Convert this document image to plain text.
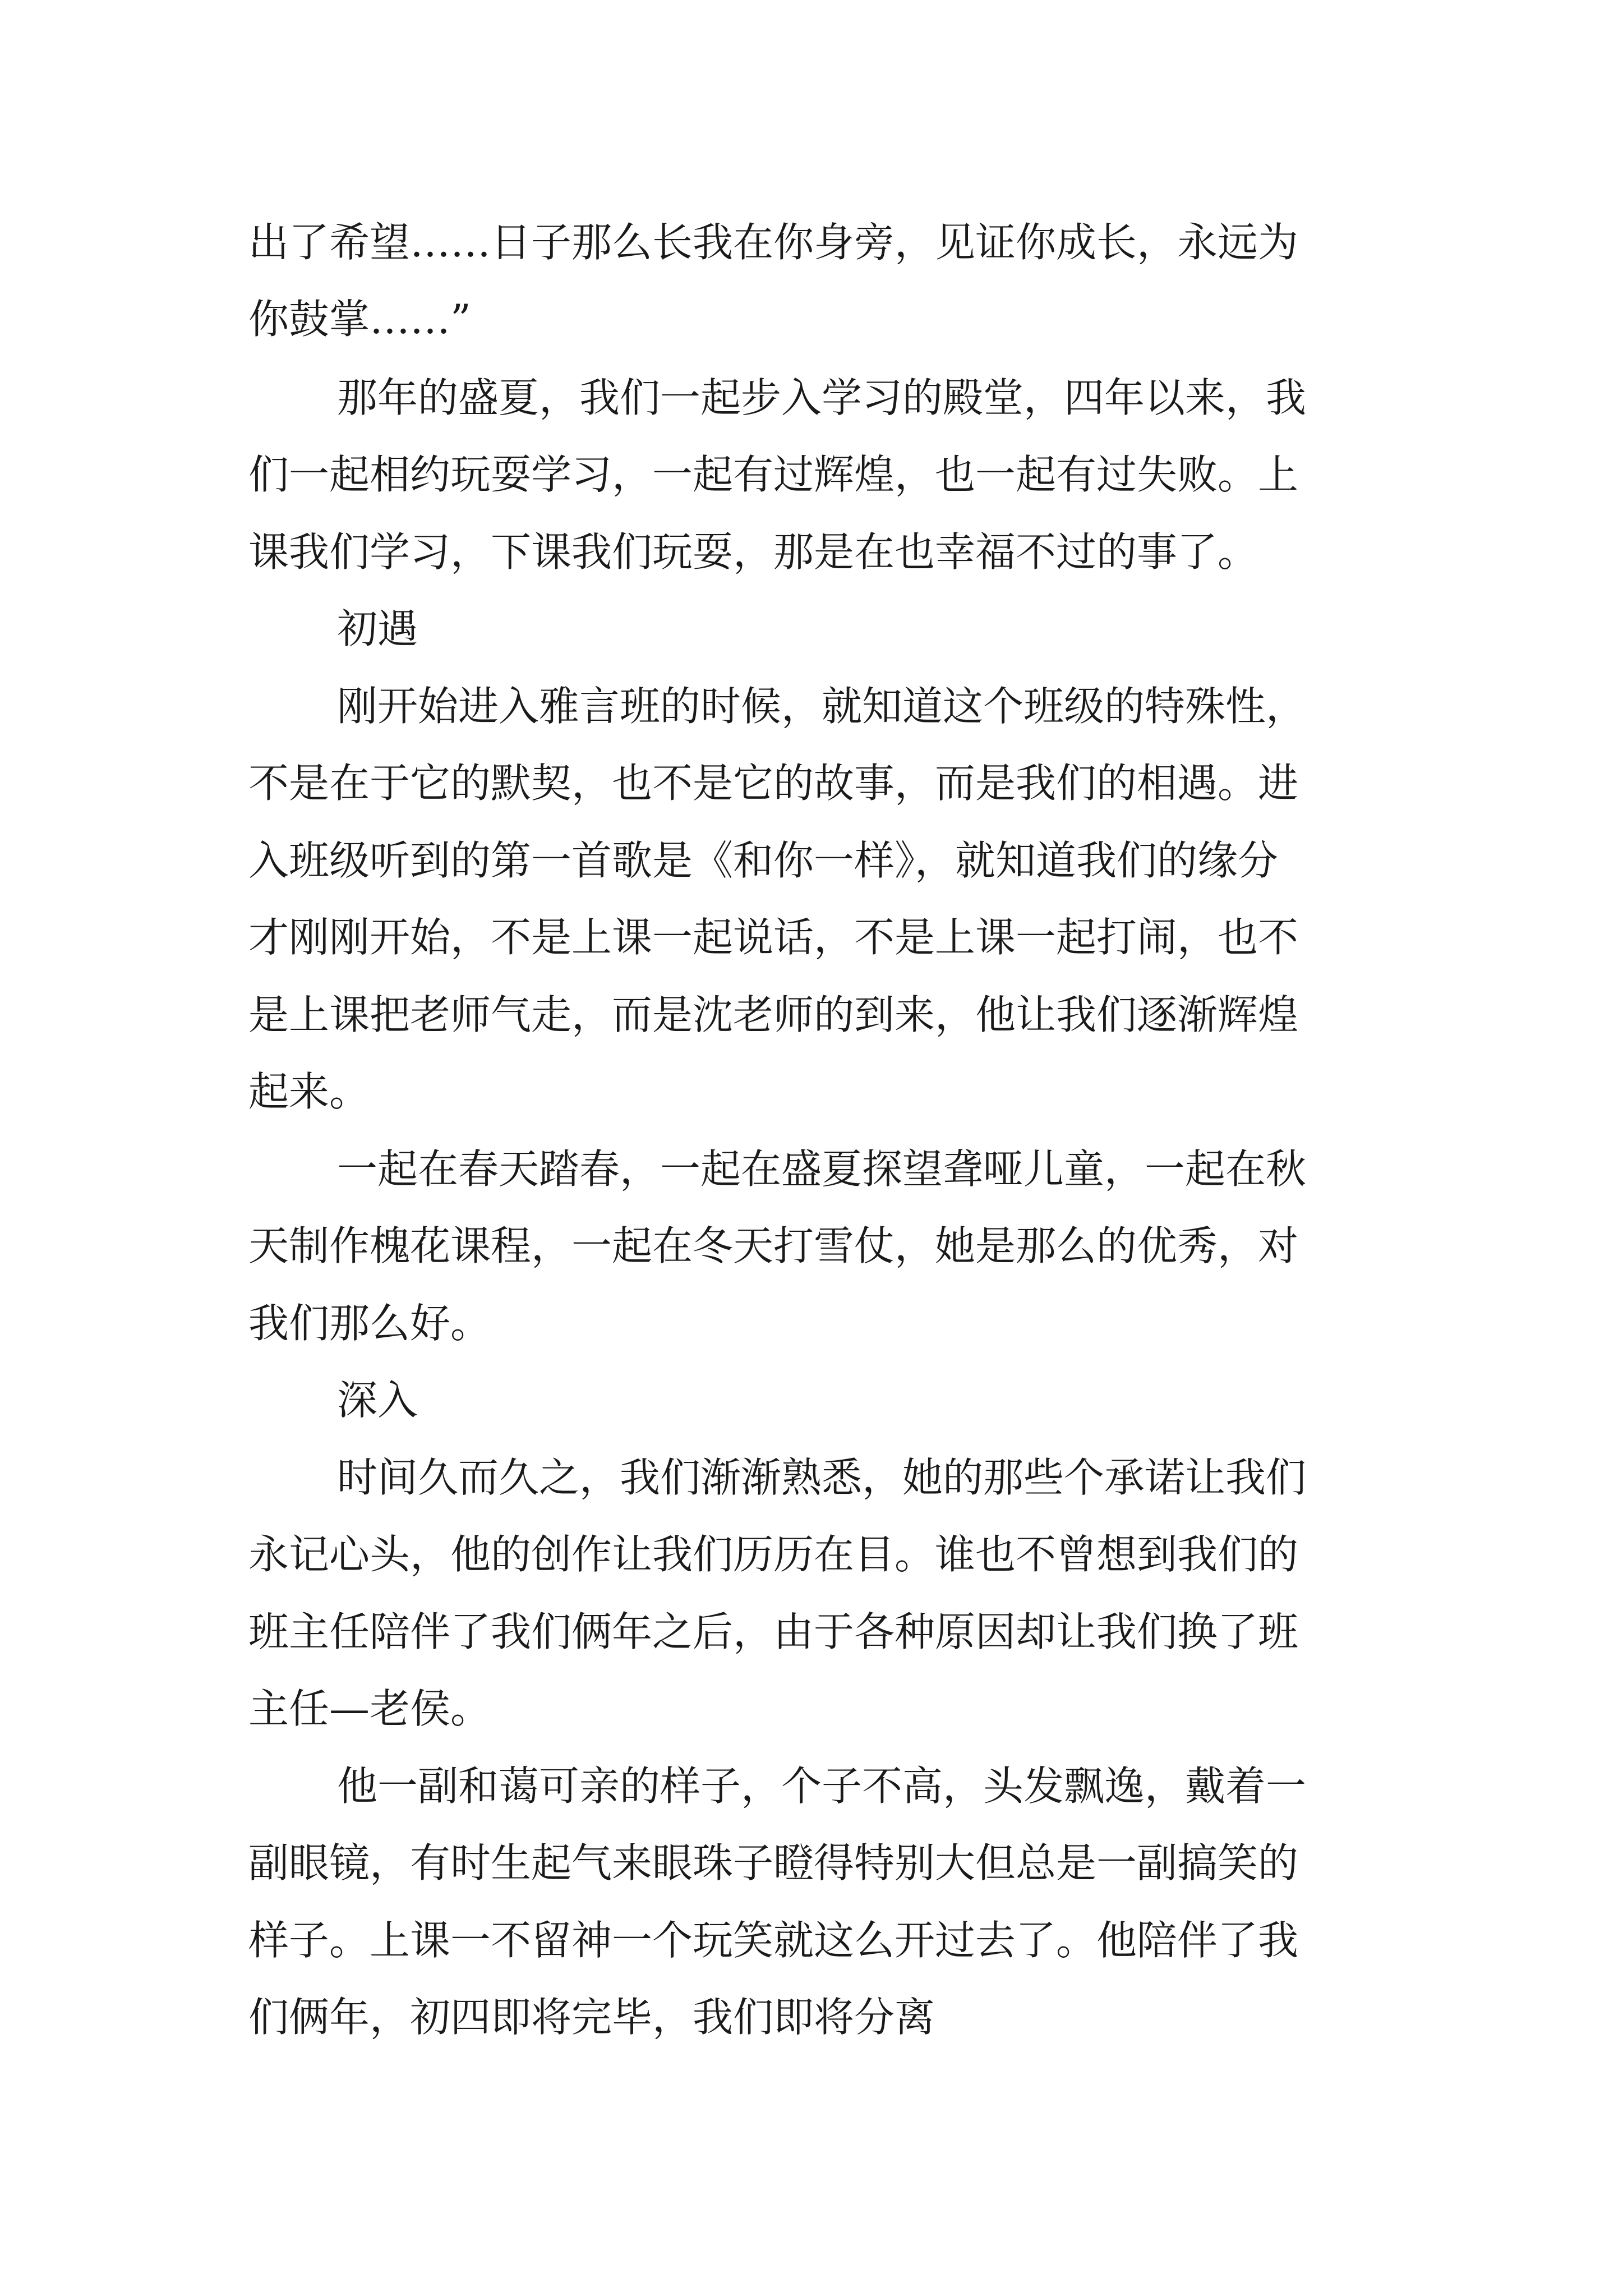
出了希望……日子那么长我在你身旁，见证你成长，永远为

你鼓掌……”

那年的盛夏，我们一起步入学习的殿堂，四年以来，我

们一起相约玩耍学习，一起有过辉煌，也一起有过失败。上

课我们学习，下课我们玩耍，那是在也幸福不过的事了。

初遇

刚开始进入雅言班的时候，就知道这个班级的特殊性，

不是在于它的默契，也不是它的故事，而是我们的相遇。进

入班级听到的第一首歌是《和你一样》，就知道我们的缘分

才刚刚开始，不是上课一起说话，不是上课一起打闹，也不

是上课把老师气走，而是沈老师的到来，他让我们逐渐辉煌

起来。

一起在春天踏春，一起在盛夏探望聋哑儿童，一起在秋

天制作槐花课程，一起在冬天打雪仗，她是那么的优秀，对

我们那么好。

深入

时间久而久之，我们渐渐熟悉，她的那些个承诺让我们

永记心头，他的创作让我们历历在目。谁也不曾想到我们的

班主任陪伴了我们俩年之后，由于各种原因却让我们换了班

主任—老侯。

他一副和蔼可亲的样子，个子不高，头发飘逸，戴着一

副眼镜，有时生起气来眼珠子瞪得特别大但总是一副搞笑的

样子。上课一不留神一个玩笑就这么开过去了。他陪伴了我

们俩年，初四即将完毕，我们即将分离
